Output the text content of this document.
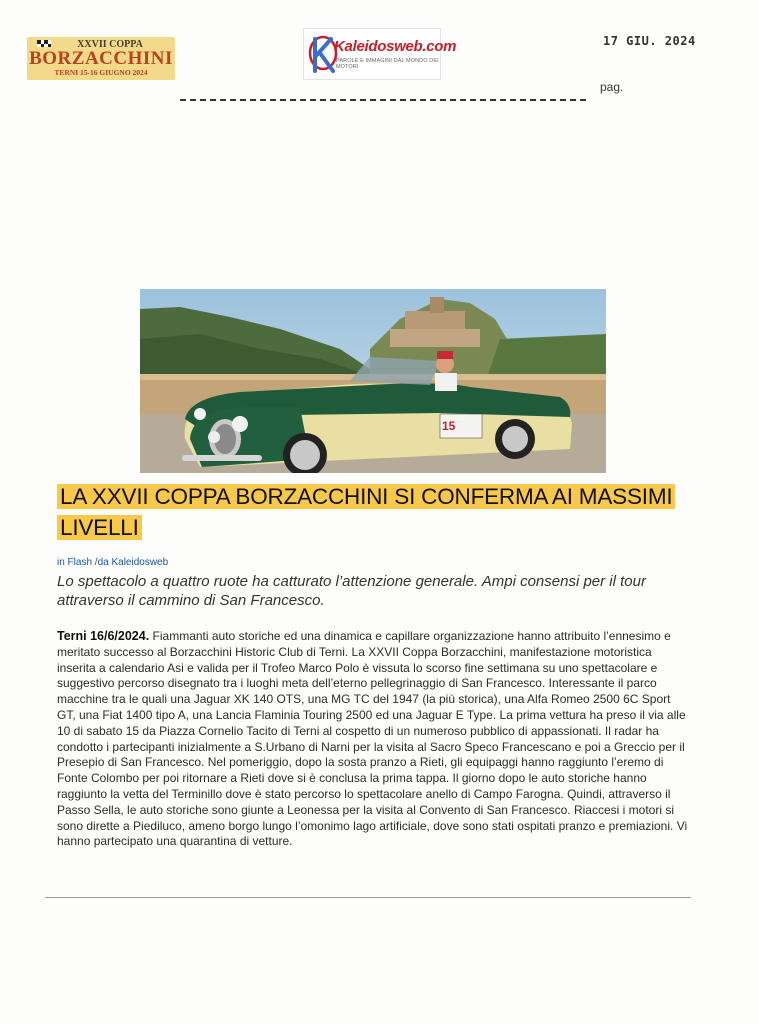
XXVII COPPA
BORZACCHINI
TERNI 15-16 GIUGNO 2024
Kaleidosweb.com
PAROLE E IMMAGINI DAL MONDO DEI MOTORI
17 GIU. 2024
pag.
15
LA XXVII COPPA BORZACCHINI SI CONFERMA AI MASSIMI LIVELLI
in Flash /da Kaleidosweb
Lo spettacolo a quattro ruote ha catturato l’attenzione generale. Ampi consensi per il tour attraverso il cammino di San Francesco.
Terni 16/6/2024. Fiammanti auto storiche ed una dinamica e capillare organizzazione hanno attribuito l’ennesimo e meritato successo al Borzacchini Historic Club di Terni. La XXVII Coppa Borzacchini, manifestazione motoristica inserita a calendario Asi e valida per il Trofeo Marco Polo è vissuta lo scorso fine settimana su uno spettacolare e suggestivo percorso disegnato tra i luoghi meta dell’eterno pellegrinaggio di San Francesco. Interessante il parco macchine tra le quali una Jaguar XK 140 OTS, una MG TC del 1947 (la più storica), una Alfa Romeo 2500 6C Sport GT, una Fiat 1400 tipo A, una Lancia Flaminia Touring 2500 ed una Jaguar E Type. La prima vettura ha preso il via alle 10 di sabato 15 da Piazza Cornelio Tacito di Terni al cospetto di un numeroso pubblico di appassionati. Il radar ha condotto i partecipanti inizialmente a S.Urbano di Narni per la visita al Sacro Speco Francescano e poi a Greccio per il Presepio di San Francesco. Nel pomeriggio, dopo la sosta pranzo a Rieti, gli equipaggi hanno raggiunto l’eremo di Fonte Colombo per poi ritornare a Rieti dove si è conclusa la prima tappa. Il giorno dopo le auto storiche hanno raggiunto la vetta del Terminillo dove è stato percorso lo spettacolare anello di Campo Farogna. Quindi, attraverso il Passo Sella, le auto storiche sono giunte a Leonessa per la visita al Convento di San Francesco. Riaccesi i motori si sono dirette a Piediluco, ameno borgo lungo l’omonimo lago artificiale, dove sono stati ospitati pranzo e premiazioni. Vi hanno partecipato una quarantina di vetture.
